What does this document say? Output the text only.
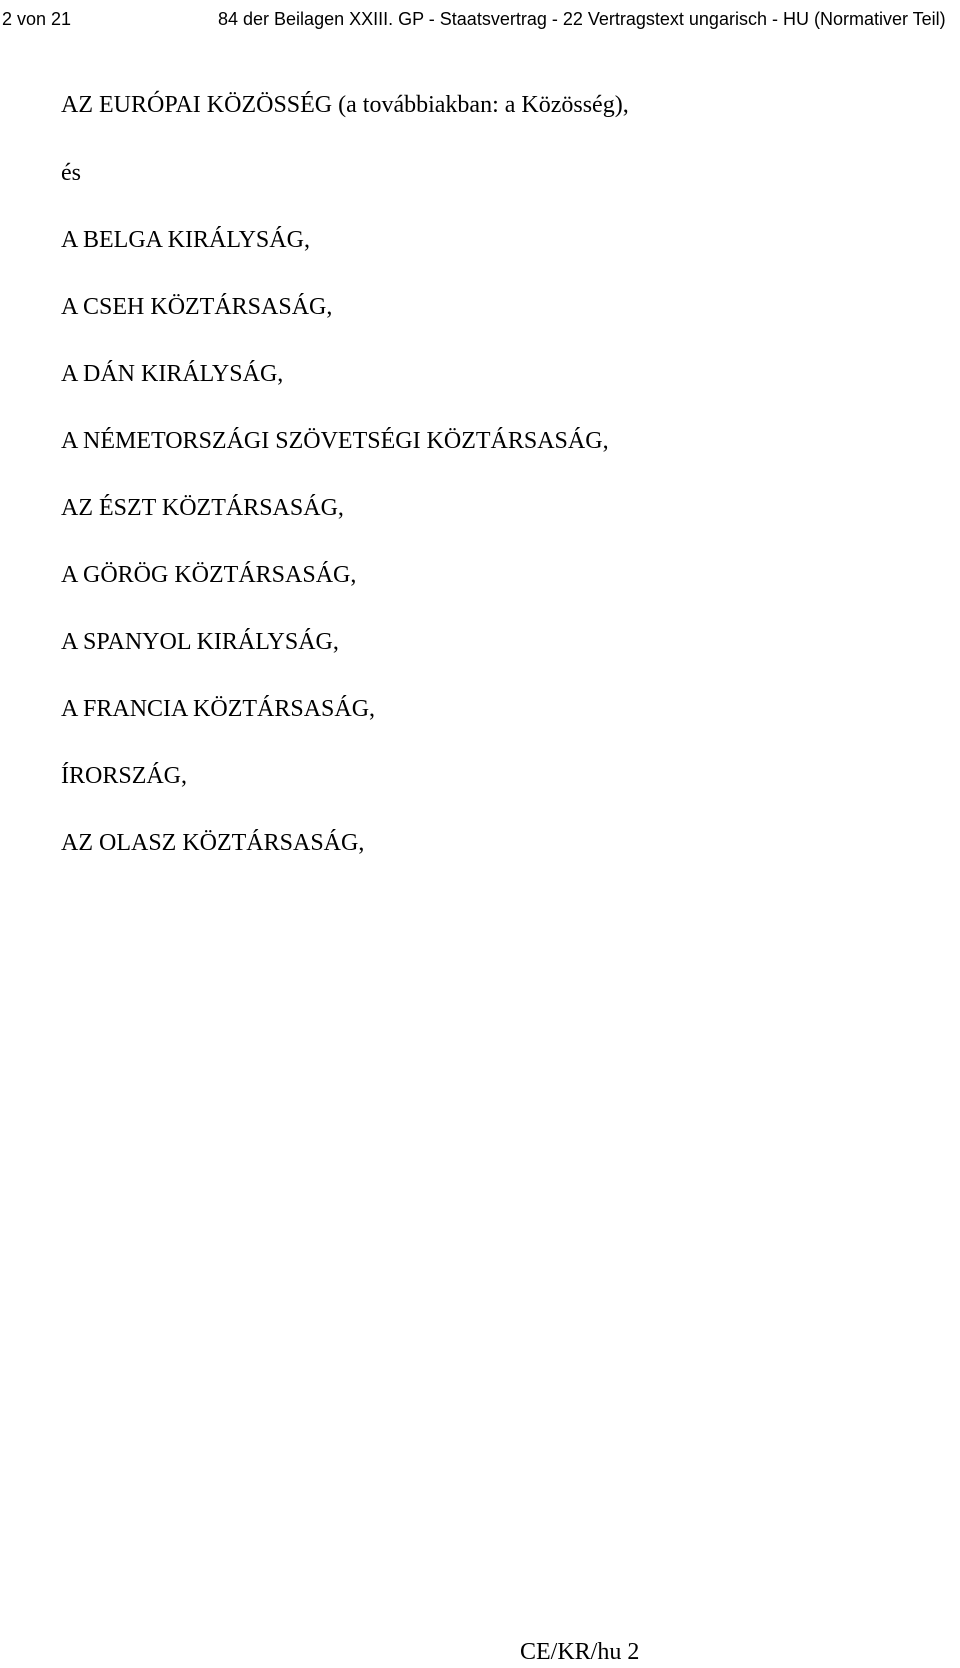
2 von 21	84 der Beilagen XXIII. GP - Staatsvertrag - 22 Vertragstext ungarisch - HU (Normativer Teil)
AZ EURÓPAI KÖZÖSSÉG (a továbbiakban: a Közösség),
és
A BELGA KIRÁLYSÁG,
A CSEH KÖZTÁRSASÁG,
A DÁN KIRÁLYSÁG,
A NÉMETORSZÁGI SZÖVETSÉGI KÖZTÁRSASÁG,
AZ ÉSZT KÖZTÁRSASÁG,
A GÖRÖG KÖZTÁRSASÁG,
A SPANYOL KIRÁLYSÁG,
A FRANCIA KÖZTÁRSASÁG,
ÍRORSZÁG,
AZ OLASZ KÖZTÁRSASÁG,
CE/KR/hu 2
